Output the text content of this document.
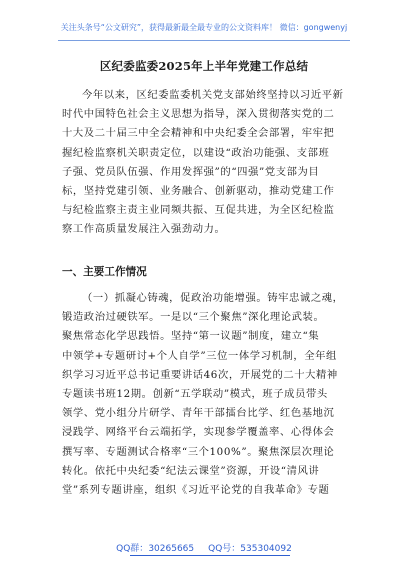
关注头条号“公文研究”，获得最新最全最专业的公文资料库！ 微信：gongwenyj
区纪委监委2025年上半年党建工作总结
今年以来，区纪委监委机关党支部始终坚持以习近平新
时代中国特色社会主义思想为指导，深入贯彻落实党的二
十大及二十届三中全会精神和中央纪委全会部署，牢牢把
握纪检监察机关职责定位，以建设“政治功能强、支部班
子强、党员队伍强、作用发挥强”的“四强”党支部为目
标，坚持党建引领、业务融合、创新驱动，推动党建工作
与纪检监察主责主业同频共振、互促共进，为全区纪检监
察工作高质量发展注入强劲动力。
一、主要工作情况
（一）抓凝心铸魂，促政治功能增强。铸牢忠诚之魂，
锻造政治过硬铁军。一是以“三个聚焦”深化理论武装。
聚焦常态化学思践悟。坚持“第一议题”制度，建立“集
中领学+专题研讨+个人自学”三位一体学习机制，全年组
织学习习近平总书记重要讲话46次，开展党的二十大精神
专题读书班12期。创新“五学联动”模式，班子成员带头
领学、党小组分片研学、青年干部擂台比学、红色基地沉
浸践学、网络平台云端拓学，实现参学覆盖率、心得体会
撰写率、专题测试合格率“三个100%”。聚焦深层次理论
转化。依托中央纪委“纪法云课堂”资源，开设“清风讲
堂”系列专题讲座，组织《习近平论党的自我革命》专题
QQ群：30265665 QQ号：535304092
